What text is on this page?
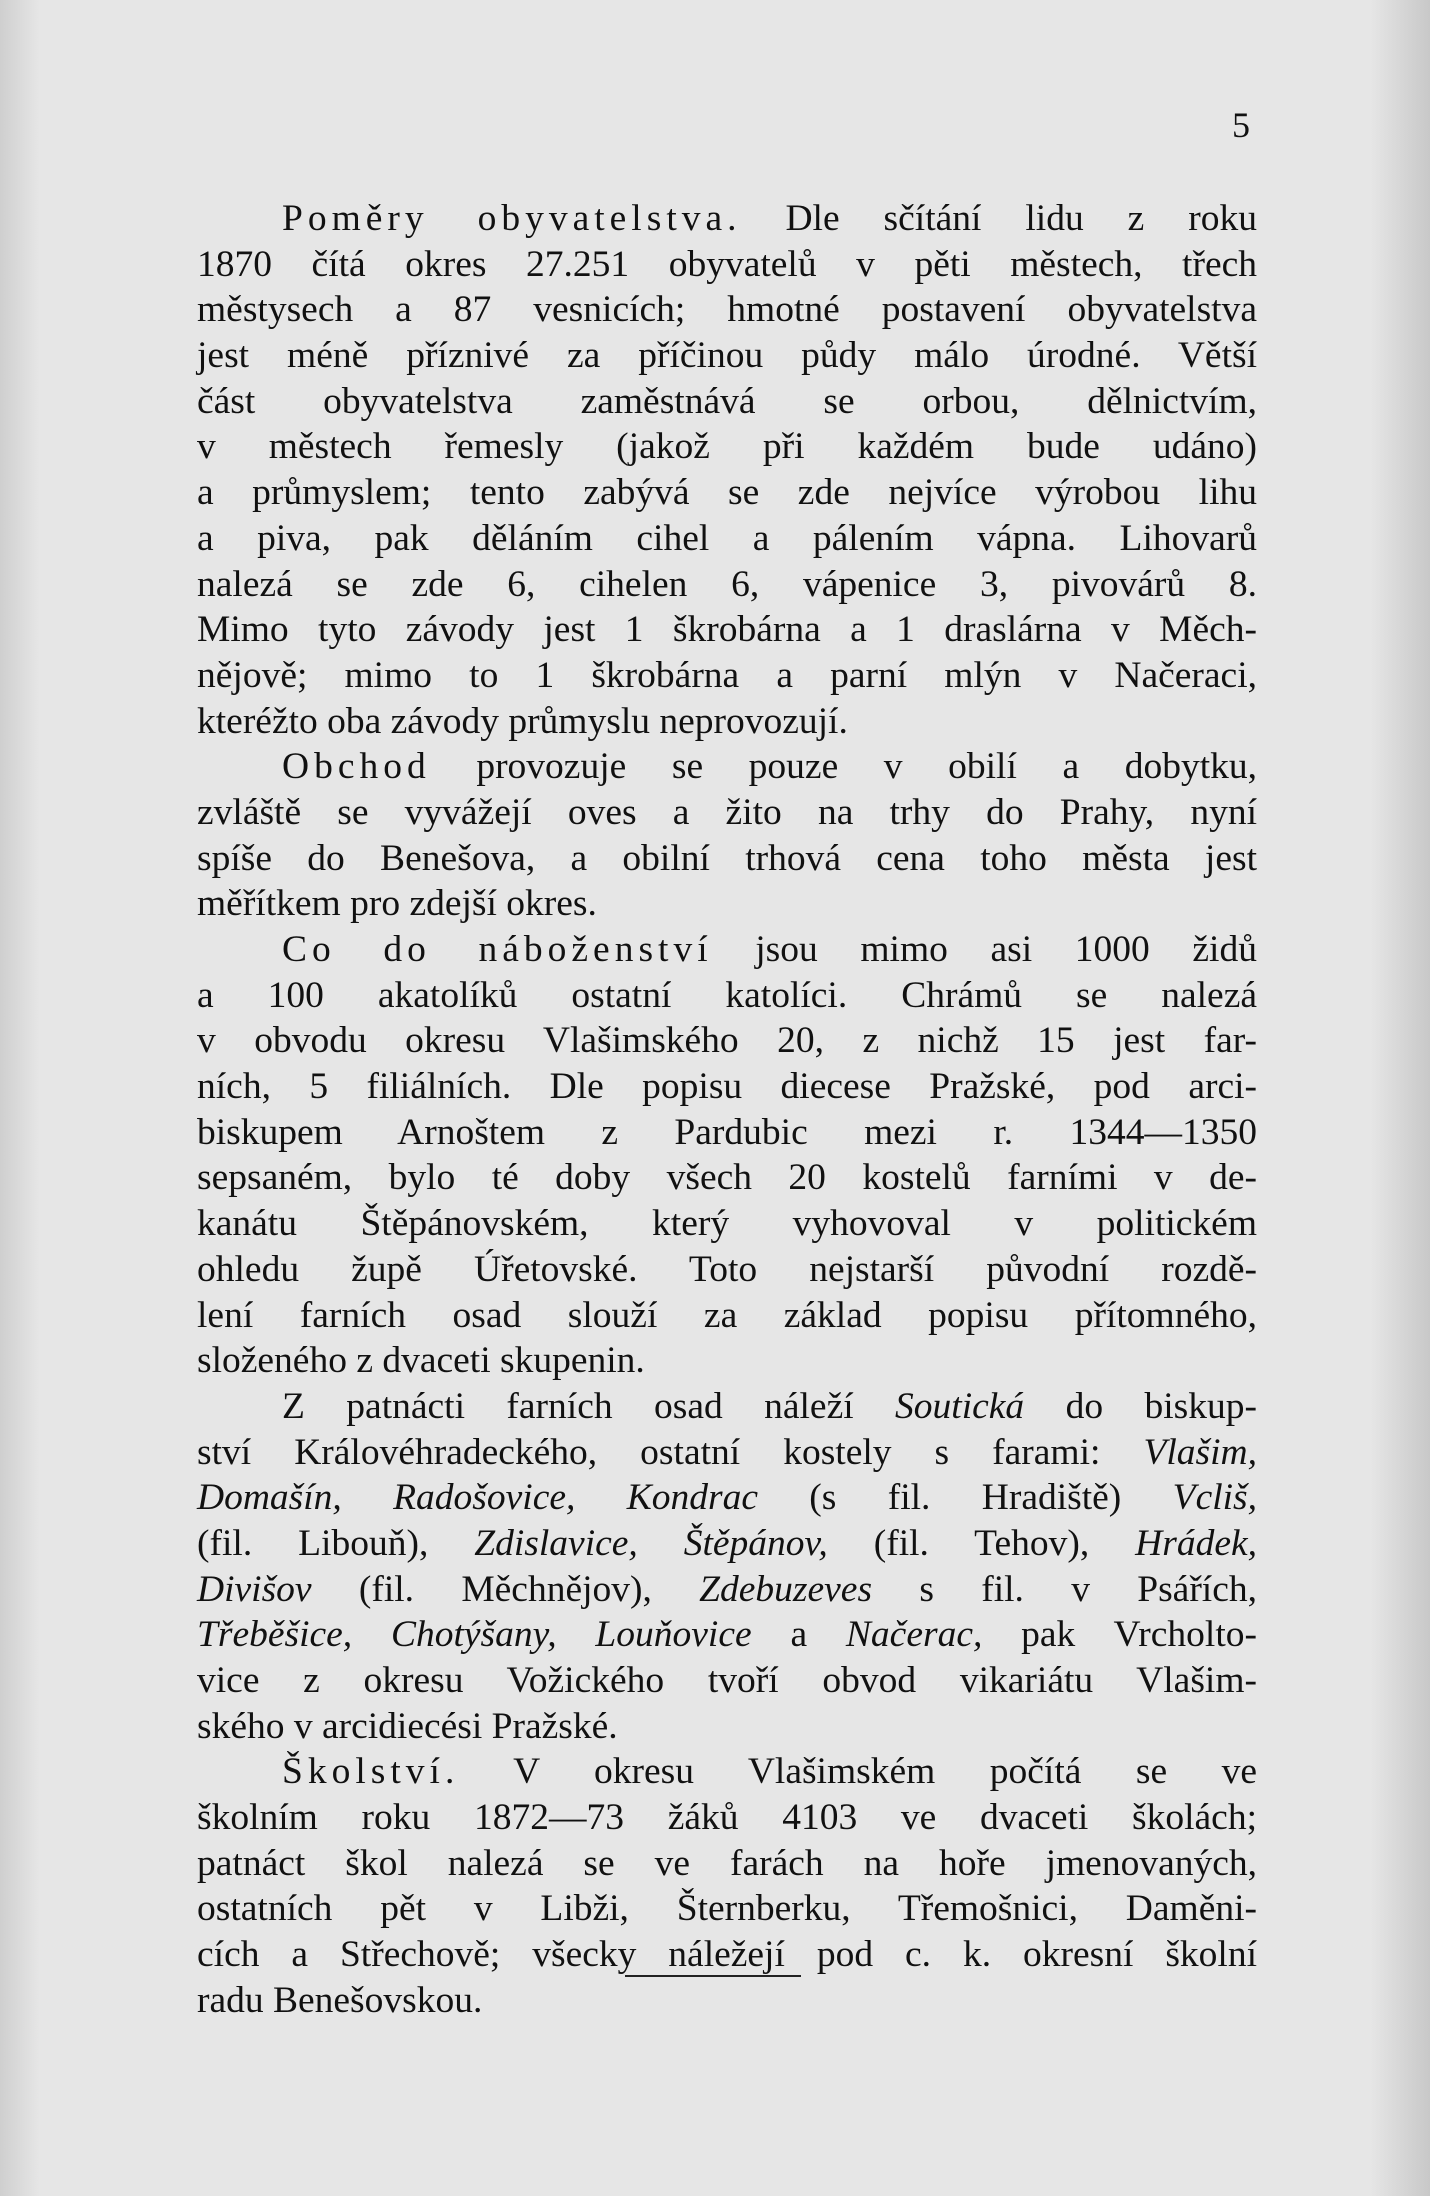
5
Poměry obyvatelstva. Dle sčítání lidu z roku
1870 čítá okres 27.251 obyvatelů v pěti městech, třech
městysech a 87 vesnicích; hmotné postavení obyvatelstva
jest méně příznivé za příčinou půdy málo úrodné. Větší
část obyvatelstva zaměstnává se orbou, dělnictvím,
v městech řemesly (jakož při každém bude udáno)
a průmyslem; tento zabývá se zde nejvíce výrobou lihu
a piva, pak děláním cihel a pálením vápna. Lihovarů
nalezá se zde 6, cihelen 6, vápenice 3, pivovárů 8.
Mimo tyto závody jest 1 škrobárna a 1 draslárna v Měch-
nějově; mimo to 1 škrobárna a parní mlýn v Načeraci,
kteréžto oba závody průmyslu neprovozují.
Obchod provozuje se pouze v obilí a dobytku,
zvláště se vyvážejí oves a žito na trhy do Prahy, nyní
spíše do Benešova, a obilní trhová cena toho města jest
měřítkem pro zdejší okres.
Co do náboženství jsou mimo asi 1000 židů
a 100 akatolíků ostatní katolíci. Chrámů se nalezá
v obvodu okresu Vlašimského 20, z nichž 15 jest far-
ních, 5 filiálních. Dle popisu diecese Pražské, pod arci-
biskupem Arnoštem z Pardubic mezi r. 1344—1350
sepsaném, bylo té doby všech 20 kostelů farními v de-
kanátu Štěpánovském, který vyhovoval v politickém
ohledu župě Úřetovské. Toto nejstarší původní rozdě-
lení farních osad slouží za základ popisu přítomného,
složeného z dvaceti skupenin.
Z patnácti farních osad náleží Soutická do biskup-
ství Královéhradeckého, ostatní kostely s farami: Vlašim,
Domašín, Radošovice, Kondrac (s fil. Hradiště) Vcliš,
(fil. Libouň), Zdislavice, Štěpánov, (fil. Tehov), Hrádek,
Divišov (fil. Měchnějov), Zdebuzeves s fil. v Psářích,
Třeběšice, Chotýšany, Louňovice a Načerac, pak Vrcholto-
vice z okresu Vožického tvoří obvod vikariátu Vlašim-
ského v arcidiecési Pražské.
Školství. V okresu Vlašimském počítá se ve
školním roku 1872—73 žáků 4103 ve dvaceti školách;
patnáct škol nalezá se ve farách na hoře jmenovaných,
ostatních pět v Libži, Šternberku, Třemošnici, Daměni-
cích a Střechově; všecky náležejí pod c. k. okresní školní
radu Benešovskou.
